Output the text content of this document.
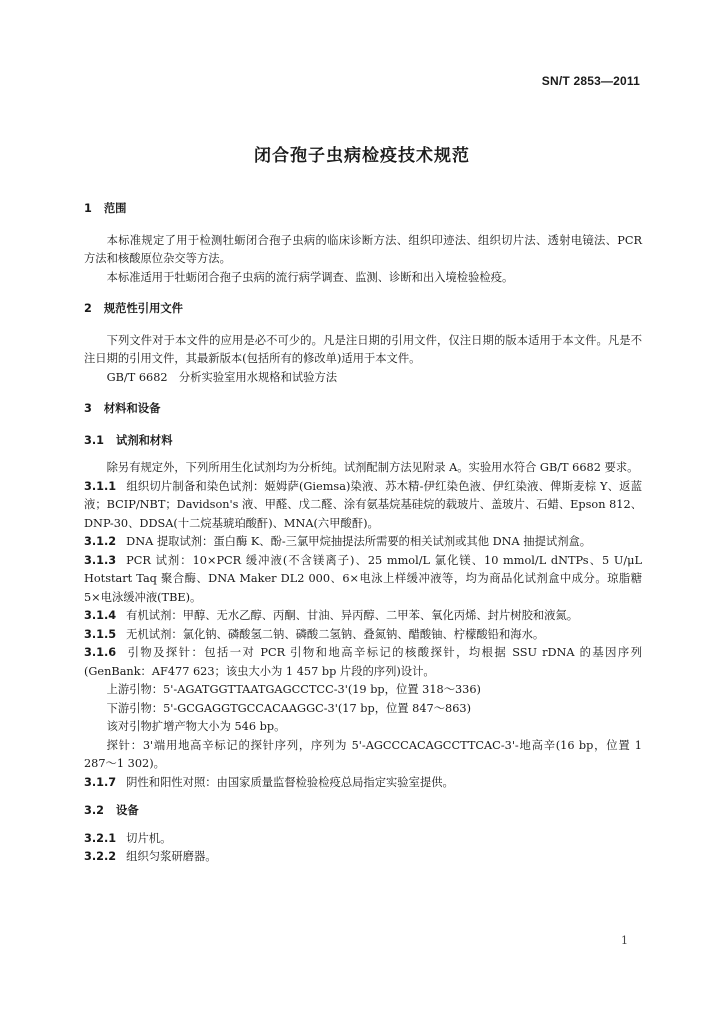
SN/T 2853—2011
闭合孢子虫病检疫技术规范
1 范围

本标准规定了用于检测牡蛎闭合孢子虫病的临床诊断方法、组织印迹法、组织切片法、透射电镜法、PCR 方法和核酸原位杂交等方法。

本标准适用于牡蛎闭合孢子虫病的流行病学调查、监测、诊断和出入境检验检疫。

2 规范性引用文件

下列文件对于本文件的应用是必不可少的。凡是注日期的引用文件，仅注日期的版本适用于本文件。凡是不注日期的引用文件，其最新版本(包括所有的修改单)适用于本文件。

GB/T 6682　分析实验室用水规格和试验方法

3 材料和设备
3.1 试剂和材料

除另有规定外，下列所用生化试剂均为分析纯。试剂配制方法见附录 A。实验用水符合 GB/T 6682 要求。

3.1.1 组织切片制备和染色试剂：姬姆萨(Giemsa)染液、苏木精-伊红染色液、伊红染液、俾斯麦棕 Y、返蓝液；BCIP/NBT；Davidson's 液、甲醛、戊二醛、涂有氨基烷基硅烷的载玻片、盖玻片、石蜡、Epson 812、DNP-30、DDSA(十二烷基琥珀酸酐)、MNA(六甲酸酐)。

3.1.2 DNA 提取试剂：蛋白酶 K、酚-三氯甲烷抽提法所需要的相关试剂或其他 DNA 抽提试剂盒。

3.1.3 PCR 试剂：10×PCR 缓冲液(不含镁离子)、25 mmol/L 氯化镁、10 mmol/L dNTPs、5 U/μL Hotstart Taq 聚合酶、DNA Maker DL2 000、6×电泳上样缓冲液等，均为商品化试剂盒中成分。琼脂糖 5×电泳缓冲液(TBE)。

3.1.4 有机试剂：甲醇、无水乙醇、丙酮、甘油、异丙醇、二甲苯、氧化丙烯、封片树胶和液氮。

3.1.5 无机试剂：氯化钠、磷酸氢二钠、磷酸二氢钠、叠氮钠、醋酸铀、柠檬酸铅和海水。

3.1.6 引物及探针：包括一对 PCR 引物和地高辛标记的核酸探针，均根据 SSU rDNA 的基因序列(GenBank：AF477 623；该虫大小为 1 457 bp 片段的序列)设计。

上游引物：5'-AGATGGTTAATGAGCCTCC-3'(19 bp，位置 318～336)

下游引物：5'-GCGAGGTGCCACAAGGC-3'(17 bp，位置 847～863)

该对引物扩增产物大小为 546 bp。

探针：3'端用地高辛标记的探针序列，序列为 5'-AGCCCACAGCCTTCAC-3'-地高辛(16 bp，位置 1 287～1 302)。

3.1.7 阴性和阳性对照：由国家质量监督检验检疫总局指定实验室提供。

3.2 设备

3.2.1 切片机。

3.2.2 组织匀浆研磨器。

1
